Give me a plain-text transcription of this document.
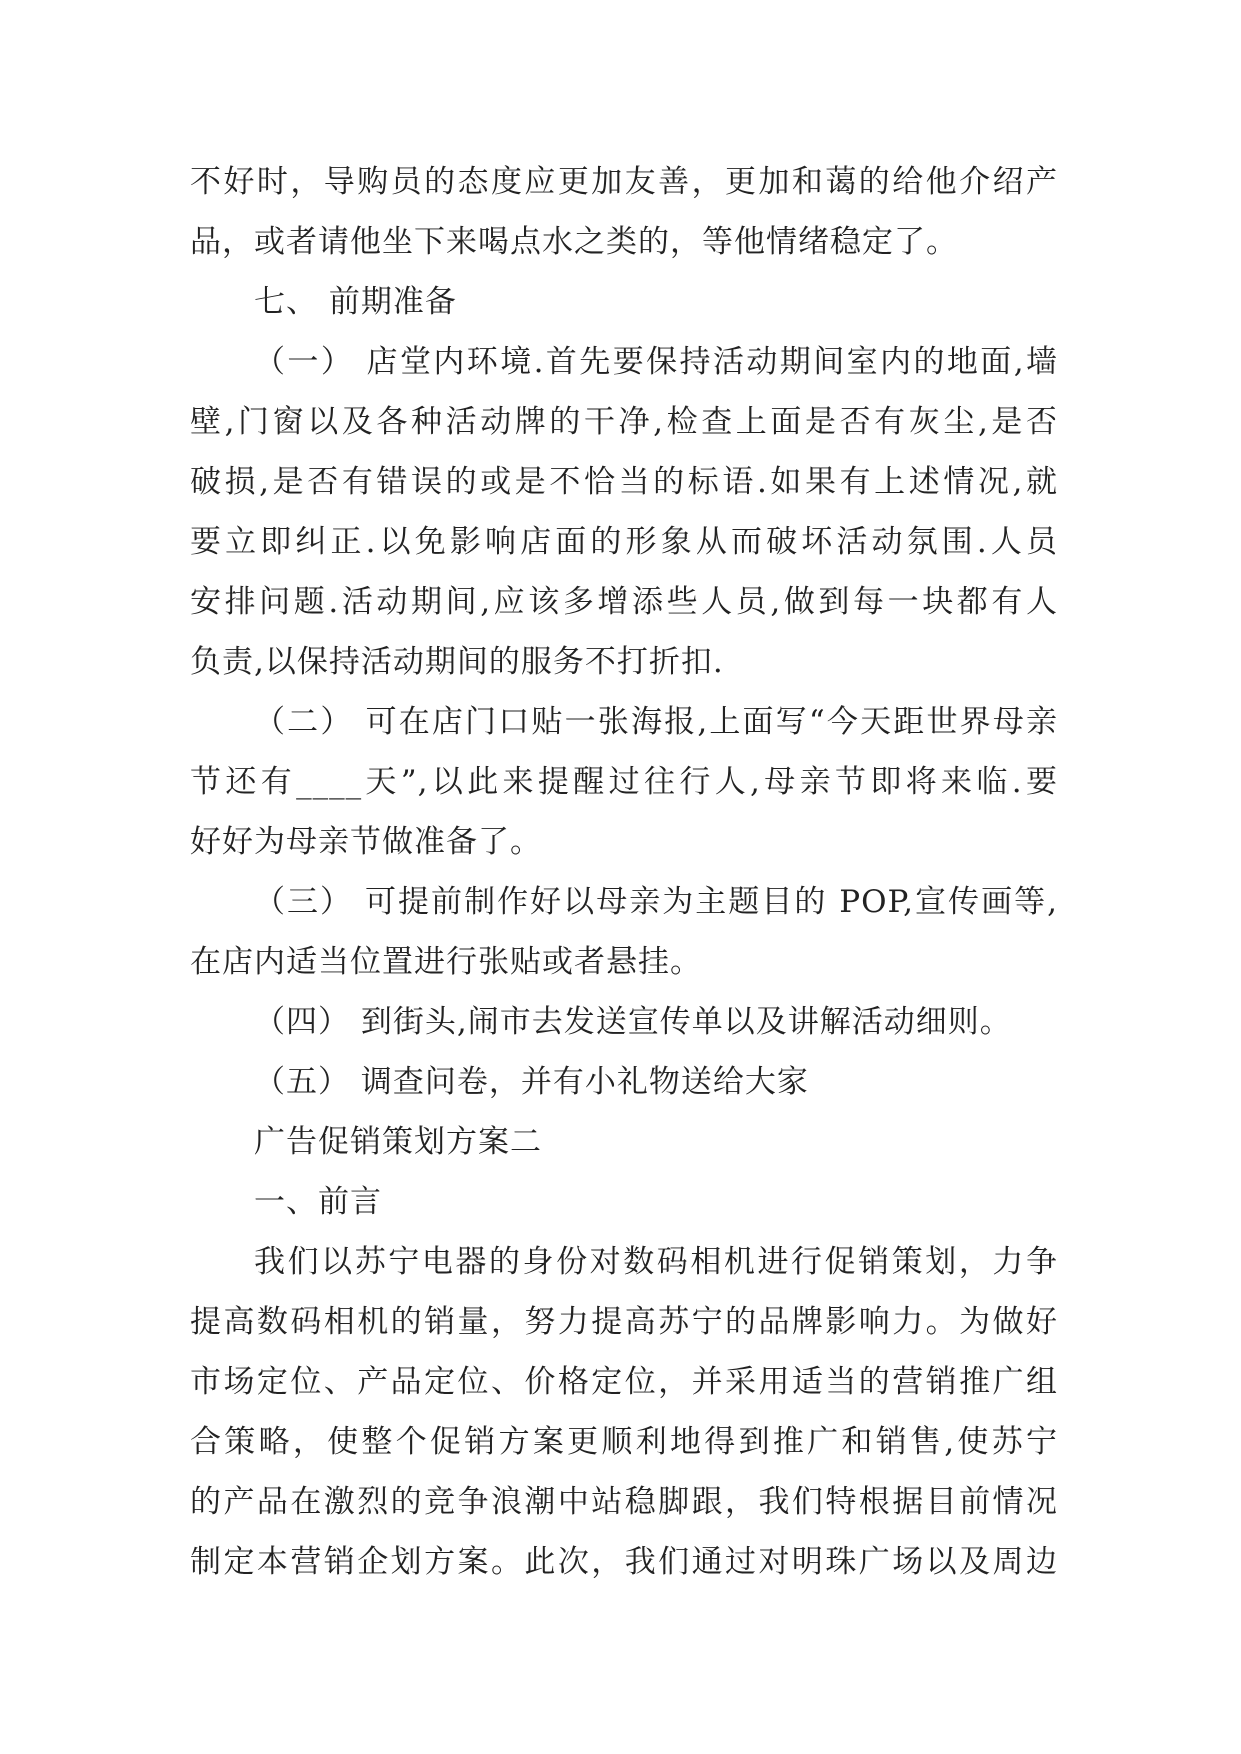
不好时，导购员的态度应更加友善，更加和蔼的给他介绍产
品，或者请他坐下来喝点水之类的，等他情绪稳定了。
七、 前期准备
（一） 店堂内环境.首先要保持活动期间室内的地面,墙
壁,门窗以及各种活动牌的干净,检查上面是否有灰尘,是否
破损,是否有错误的或是不恰当的标语.如果有上述情况,就
要立即纠正.以免影响店面的形象从而破坏活动氛围.人员
安排问题.活动期间,应该多增添些人员,做到每一块都有人
负责,以保持活动期间的服务不打折扣.
（二） 可在店门口贴一张海报,上面写“今天距世界母亲
节还有____天”,以此来提醒过往行人,母亲节即将来临.要
好好为母亲节做准备了。
（三） 可提前制作好以母亲为主题目的 POP,宣传画等,
在店内适当位置进行张贴或者悬挂。
（四） 到街头,闹市去发送宣传单以及讲解活动细则。
（五） 调查问卷，并有小礼物送给大家
广告促销策划方案二
一、前言
我们以苏宁电器的身份对数码相机进行促销策划，力争
提高数码相机的销量，努力提高苏宁的品牌影响力。为做好
市场定位、产品定位、价格定位，并采用适当的营销推广组
合策略，使整个促销方案更顺利地得到推广和销售,使苏宁
的产品在激烈的竞争浪潮中站稳脚跟，我们特根据目前情况
制定本营销企划方案。此次，我们通过对明珠广场以及周边
